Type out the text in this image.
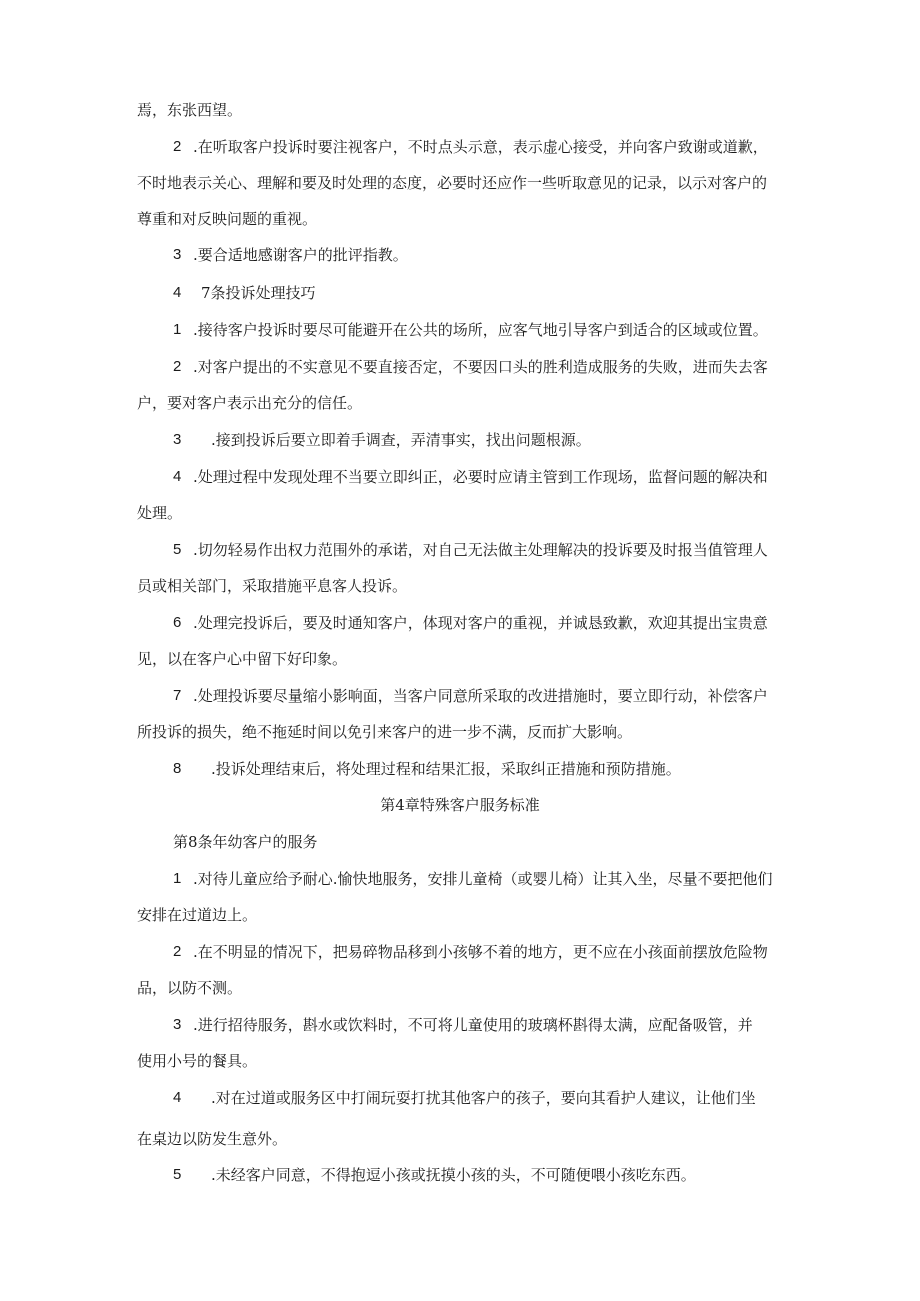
焉，东张西望。
2 .在听取客户投诉时要注视客户，不时点头示意，表示虚心接受，并向客户致谢或道歉，
不时地表示关心、理解和要及时处理的态度，必要时还应作一些听取意见的记录，以示对客户的
尊重和对反映问题的重视。
3 .要合适地感谢客户的批评指教。
4 7条投诉处理技巧
1 .接待客户投诉时要尽可能避开在公共的场所，应客气地引导客户到适合的区域或位置。
2 .对客户提出的不实意见不要直接否定，不要因口头的胜利造成服务的失败，进而失去客
户，要对客户表示出充分的信任。
3 .接到投诉后要立即着手调查，弄清事实，找出问题根源。
4 .处理过程中发现处理不当要立即纠正，必要时应请主管到工作现场，监督问题的解决和
处理。
5 .切勿轻易作出权力范围外的承诺，对自己无法做主处理解决的投诉要及时报当值管理人
员或相关部门，采取措施平息客人投诉。
6 .处理完投诉后，要及时通知客户，体现对客户的重视，并诚恳致歉，欢迎其提出宝贵意
见，以在客户心中留下好印象。
7 .处理投诉要尽量缩小影响面，当客户同意所采取的改进措施时，要立即行动，补偿客户
所投诉的损失，绝不拖延时间以免引来客户的进一步不满，反而扩大影响。
8 .投诉处理结束后，将处理过程和结果汇报，采取纠正措施和预防措施。
第4章特殊客户服务标准
第8条年幼客户的服务
1 .对待儿童应给予耐心.愉快地服务，安排儿童椅（或婴儿椅）让其入坐，尽量不要把他们
安排在过道边上。
2 .在不明显的情况下，把易碎物品移到小孩够不着的地方，更不应在小孩面前摆放危险物
品，以防不测。
3 .进行招待服务，斟水或饮料时，不可将儿童使用的玻璃杯斟得太满，应配备吸管，并
使用小号的餐具。
4 .对在过道或服务区中打闹玩耍打扰其他客户的孩子，要向其看护人建议，让他们坐
在桌边以防发生意外。
5 .未经客户同意，不得抱逗小孩或抚摸小孩的头，不可随便喂小孩吃东西。
